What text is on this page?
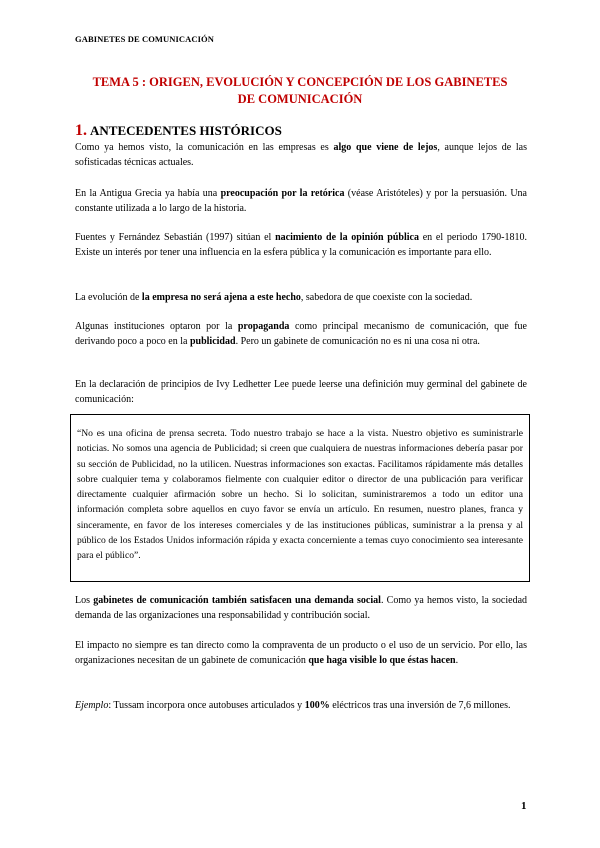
GABINETES DE COMUNICACIÓN
TEMA 5 : ORIGEN, EVOLUCIÓN Y CONCEPCIÓN DE LOS GABINETES
DE COMUNICACIÓN
1. ANTECEDENTES HISTÓRICOS

Como ya hemos visto, la comunicación en las empresas es algo que viene de lejos, aunque lejos de las sofisticadas técnicas actuales.

En la Antigua Grecia ya había una preocupación por la retórica (véase Aristóteles) y por la persuasión. Una constante utilizada a lo largo de la historia.

Fuentes y Fernández Sebastián (1997) sitúan el nacimiento de la opinión pública en el periodo 1790-1810. Existe un interés por tener una influencia en la esfera pública y la comunicación es importante para ello.

La evolución de la empresa no será ajena a este hecho, sabedora de que coexiste con la sociedad.

Algunas instituciones optaron por la propaganda como principal mecanismo de comunicación, que fue derivando poco a poco en la publicidad. Pero un gabinete de comunicación no es ni una cosa ni otra.

En la declaración de principios de Ivy Ledhetter Lee puede leerse una definición muy germinal del gabinete de comunicación:

“No es una oficina de prensa secreta. Todo nuestro trabajo se hace a la vista. Nuestro objetivo es suministrarle noticias. No somos una agencia de Publicidad; si creen que cualquiera de nuestras informaciones debería pasar por su sección de Publicidad, no la utilicen. Nuestras informaciones son exactas. Facilitamos rápidamente más detalles sobre cualquier tema y colaboramos fielmente con cualquier editor o director de una publicación para verificar directamente cualquier afirmación sobre un hecho. Si lo solicitan, suministraremos a todo un editor una información completa sobre aquellos en cuyo favor se envía un artículo. En resumen, nuestro planes, franca y sinceramente, en favor de los intereses comerciales y de las instituciones públicas, suministrar a la prensa y al público de los Estados Unidos información rápida y exacta concerniente a temas cuyo conocimiento sea interesante para el público”.

Los gabinetes de comunicación también satisfacen una demanda social. Como ya hemos visto, la sociedad demanda de las organizaciones una responsabilidad y contribución social.

El impacto no siempre es tan directo como la compraventa de un producto o el uso de un servicio. Por ello, las organizaciones necesitan de un gabinete de comunicación que haga visible lo que éstas hacen.

Ejemplo: Tussam incorpora once autobuses articulados y 100% eléctricos tras una inversión de 7,6 millones.

1
